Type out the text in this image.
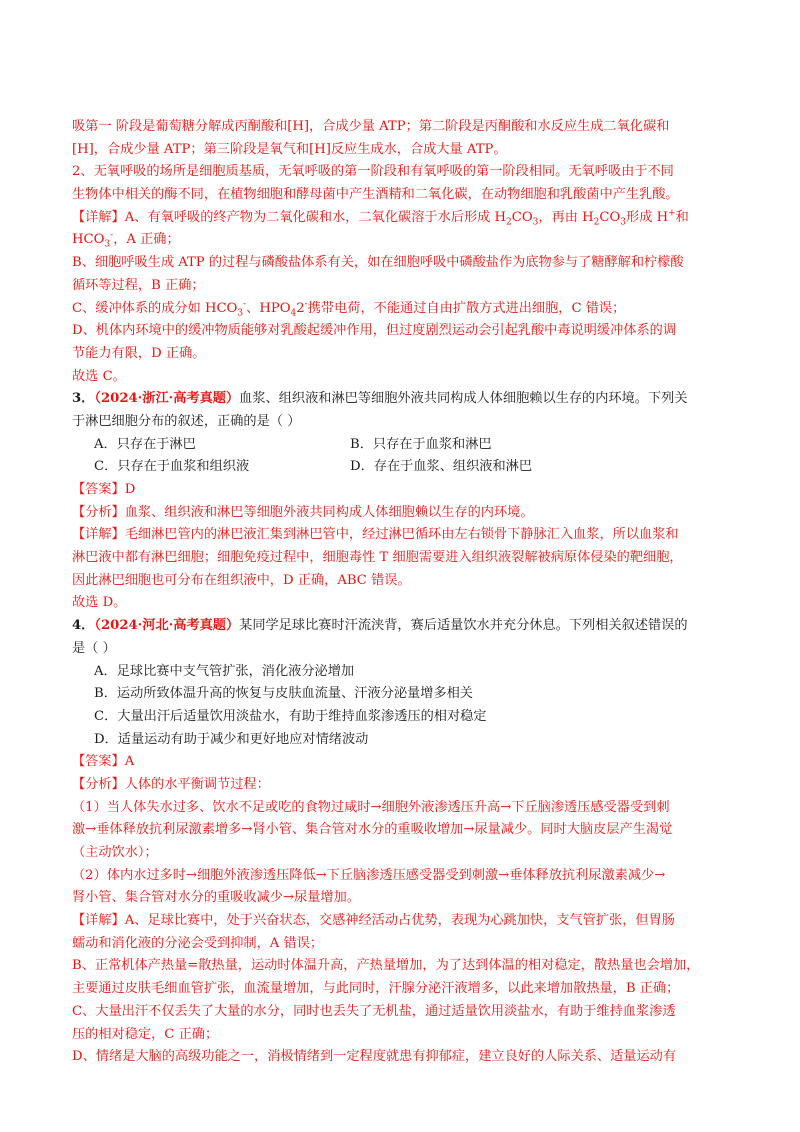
吸第一 阶段是葡萄糖分解成丙酮酸和[H]，合成少量 ATP；第二阶段是丙酮酸和水反应生成二氧化碳和
[H]，合成少量 ATP；第三阶段是氧气和[H]反应生成水，合成大量 ATP。
2、无氧呼吸的场所是细胞质基质，无氧呼吸的第一阶段和有氧呼吸的第一阶段相同。无氧呼吸由于不同
生物体中相关的酶不同，在植物细胞和酵母菌中产生酒精和二氧化碳，在动物细胞和乳酸菌中产生乳酸。
【详解】A、有氧呼吸的终产物为二氧化碳和水，二氧化碳溶于水后形成 $H_2CO_3$，再由 $H_2CO_3$形成 H+和
$HCO_3^-$，A 正确；
B、细胞呼吸生成 ATP 的过程与磷酸盐体系有关，如在细胞呼吸中磷酸盐作为底物参与了糖酵解和柠檬酸
循环等过程，B 正确；
C、缓冲体系的成分如 $HCO_3^-$、$HPO_42^-$携带电荷，不能通过自由扩散方式进出细胞，C 错误；
D、机体内环境中的缓冲物质能够对乳酸起缓冲作用，但过度剧烈运动会引起乳酸中毒说明缓冲体系的调
节能力有限，D 正确。
故选 C。
3．（2024·浙江·高考真题）血浆、组织液和淋巴等细胞外液共同构成人体细胞赖以生存的内环境。下列关
于淋巴细胞分布的叙述，正确的是（ ）
A．只存在于淋巴	B．只存在于血浆和淋巴
C．只存在于血浆和组织液	D．存在于血浆、组织液和淋巴
【答案】D
【分析】血浆、组织液和淋巴等细胞外液共同构成人体细胞赖以生存的内环境。
【详解】毛细淋巴管内的淋巴液汇集到淋巴管中，经过淋巴循环由左右锁骨下静脉汇入血浆，所以血浆和
淋巴液中都有淋巴细胞；细胞免疫过程中，细胞毒性 T 细胞需要进入组织液裂解被病原体侵染的靶细胞，
因此淋巴细胞也可分布在组织液中，D 正确，ABC 错误。
故选 D。
4．（2024·河北·高考真题）某同学足球比赛时汗流浃背，赛后适量饮水并充分休息。下列相关叙述错误的
是（ ）
A．足球比赛中支气管扩张，消化液分泌增加
B．运动所致体温升高的恢复与皮肤血流量、汗液分泌量增多相关
C．大量出汗后适量饮用淡盐水，有助于维持血浆渗透压的相对稳定
D．适量运动有助于减少和更好地应对情绪波动
【答案】A
【分析】人体的水平衡调节过程：
（1）当人体失水过多、饮水不足或吃的食物过咸时→细胞外液渗透压升高→下丘脑渗透压感受器受到刺
激→垂体释放抗利尿激素增多→肾小管、集合管对水分的重吸收增加→尿量减少。同时大脑皮层产生渴觉
（主动饮水）；
（2）体内水过多时→细胞外液渗透压降低→下丘脑渗透压感受器受到刺激→垂体释放抗利尿激素减少→
肾小管、集合管对水分的重吸收减少→尿量增加。
【详解】A、足球比赛中，处于兴奋状态，交感神经活动占优势，表现为心跳加快，支气管扩张，但胃肠
蠕动和消化液的分泌会受到抑制，A 错误；
B、正常机体产热量=散热量，运动时体温升高，产热量增加，为了达到体温的相对稳定，散热量也会增加，
主要通过皮肤毛细血管扩张，血流量增加，与此同时，汗腺分泌汗液增多，以此来增加散热量，B 正确；
C、大量出汗不仅丢失了大量的水分，同时也丢失了无机盐，通过适量饮用淡盐水，有助于维持血浆渗透
压的相对稳定，C 正确；
D、情绪是大脑的高级功能之一，消极情绪到一定程度就患有抑郁症，建立良好的人际关系、适量运动有
